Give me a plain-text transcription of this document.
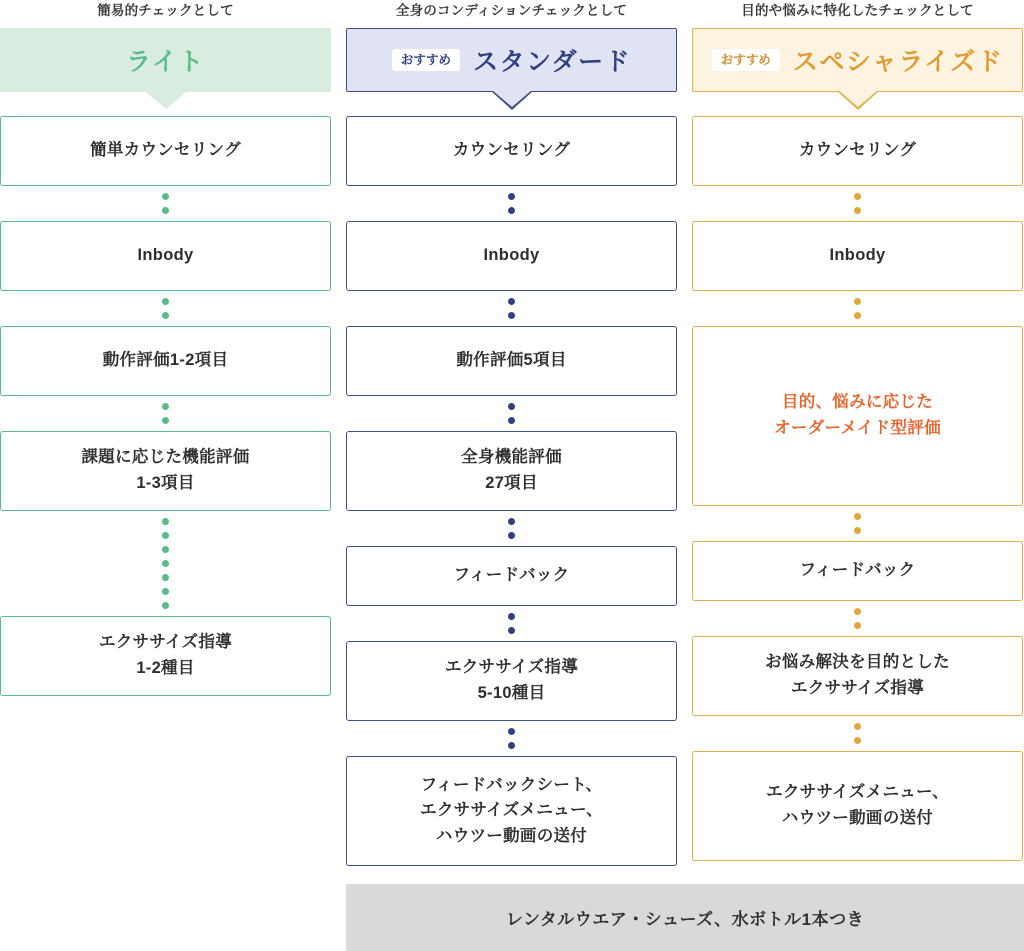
簡易的チェックとして
ライト
簡単カウンセリング
Inbody
動作評価1-2項目
課題に応じた機能評価
1-3項目
エクササイズ指導
1-2種目
全身のコンディションチェックとして
おすすめ スタンダード
カウンセリング
Inbody
動作評価5項目
全身機能評価
27項目
フィードバック
エクササイズ指導
5-10種目
フィードバックシート、
エクササイズメニュー、
ハウツー動画の送付
目的や悩みに特化したチェックとして
おすすめ スペシャライズド
カウンセリング
Inbody
目的、悩みに応じた
オーダーメイド型評価
フィードバック
お悩み解決を目的とした
エクササイズ指導
エクササイズメニュー、
ハウツー動画の送付
レンタルウエア・シューズ、水ボトル1本つき
